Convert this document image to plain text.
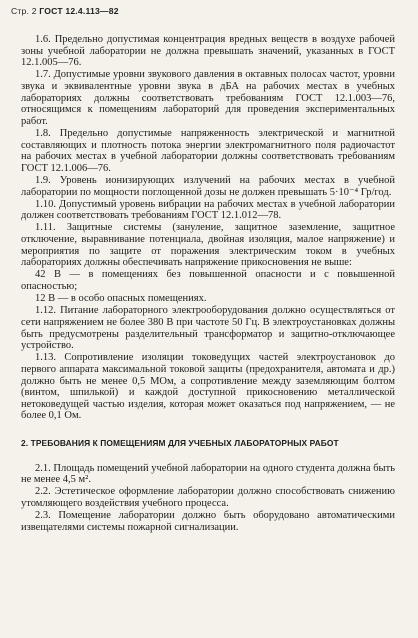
Стр. 2 ГОСТ 12.4.113—82

1.6. Предельно допустимая концентрация вредных веществ в воздухе рабочей зоны учебной лаборатории не должна превышать значений, указанных в ГОСТ 12.1.005—76.

1.7. Допустимые уровни звукового давления в октавных полосах частот, уровни звука и эквивалентные уровни звука в дБА на рабочих местах в учебных лабораториях должны соответствовать требованиям ГОСТ 12.1.003—76, относящимся к помещениям лабораторий для проведения экспериментальных работ.

1.8. Предельно допустимые напряженность электрической и магнитной составляющих и плотность потока энергии электромагнитного поля радиочастот на рабочих местах в учебной лаборатории должны соответствовать требованиям ГОСТ 12.1.006—76.

1.9. Уровень ионизирующих излучений на рабочих местах в учебной лаборатории по мощности поглощенной дозы не должен превышать 5·10⁻⁴ Гр/год.

1.10. Допустимый уровень вибрации на рабочих местах в учебной лаборатории должен соответствовать требованиям ГОСТ 12.1.012—78.

1.11. Защитные системы (зануление, защитное заземление, защитное отключение, выравнивание потенциала, двойная изоляция, малое напряжение) и мероприятия по защите от поражения электрическим током в учебных лабораториях должны обеспечивать напряжение прикосновения не выше:

42 В — в помещениях без повышенной опасности и с повышенной опасностью;

12 В — в особо опасных помещениях.

1.12. Питание лабораторного электрооборудования должно осуществляться от сети напряжением не более 380 В при частоте 50 Гц. В электроустановках должны быть предусмотрены разделительный трансформатор и защитно-отключающее устройство.

1.13. Сопротивление изоляции токоведущих частей электроустановок до первого аппарата максимальной токовой защиты (предохранителя, автомата и др.) должно быть не менее 0,5 МОм, а сопротивление между заземляющим болтом (винтом, шпилькой) и каждой доступной прикосновению металлической нетоковедущей частью изделия, которая может оказаться под напряжением, — не более 0,1 Ом.

2. ТРЕБОВАНИЯ К ПОМЕЩЕНИЯМ ДЛЯ УЧЕБНЫХ ЛАБОРАТОРНЫХ РАБОТ

2.1. Площадь помещений учебной лаборатории на одного студента должна быть не менее 4,5 м².

2.2. Эстетическое оформление лаборатории должно способствовать снижению утомляющего воздействия учебного процесса.

2.3. Помещение лаборатории должно быть оборудовано автоматическими извещателями системы пожарной сигнализации.
